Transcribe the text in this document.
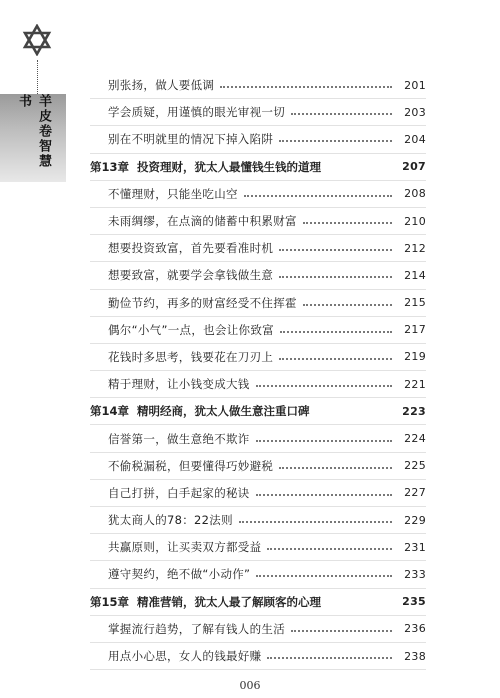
羊皮卷智慧书
别张扬，做人要低调	201
学会质疑，用谨慎的眼光审视一切	203
别在不明就里的情况下掉入陷阱	204
第13章 投资理财，犹太人最懂钱生钱的道理	207
不懂理财，只能坐吃山空	208
未雨绸缪，在点滴的储蓄中积累财富	210
想要投资致富，首先要看准时机	212
想要致富，就要学会拿钱做生意	214
勤俭节约，再多的财富经受不住挥霍	215
偶尔“小气”一点，也会让你致富	217
花钱时多思考，钱要花在刀刃上	219
精于理财，让小钱变成大钱	221
第14章 精明经商，犹太人做生意注重口碑	223
信誉第一，做生意绝不欺诈	224
不偷税漏税，但要懂得巧妙避税	225
自己打拼，白手起家的秘诀	227
犹太商人的78：22法则	229
共赢原则，让买卖双方都受益	231
遵守契约，绝不做“小动作”	233
第15章 精准营销，犹太人最了解顾客的心理	235
掌握流行趋势，了解有钱人的生活	236
用点小心思，女人的钱最好赚	238
006
